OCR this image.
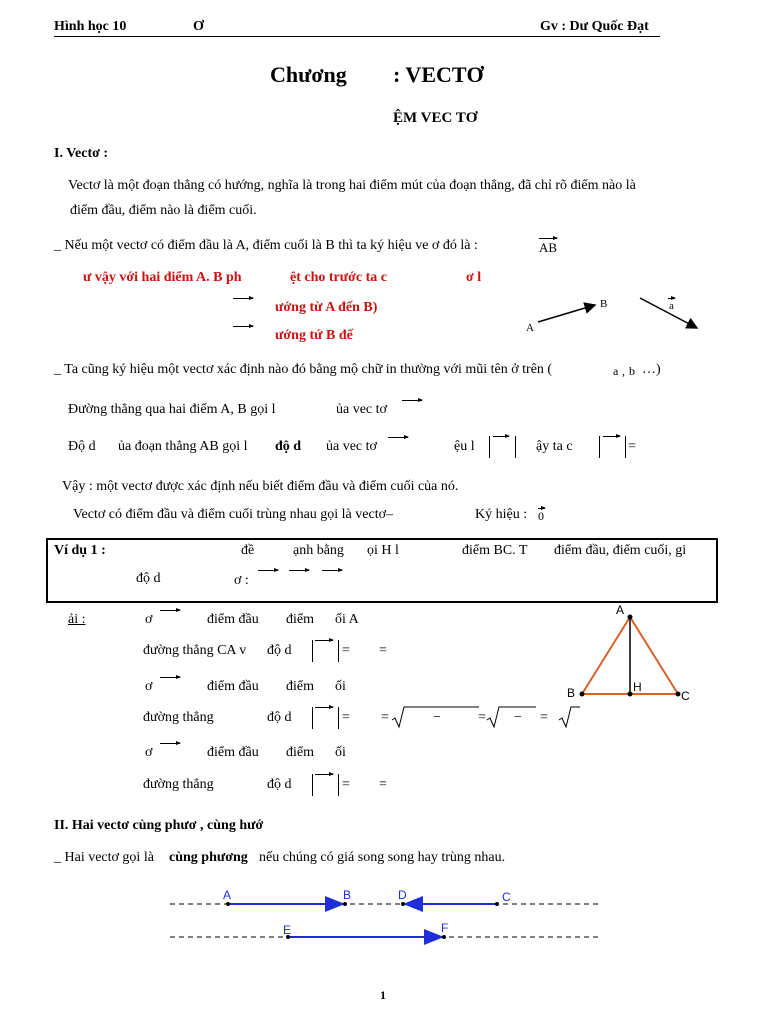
Hình học 10	Ơ	Gv : Dư Quốc Đạt
Chương : VECTƠ
ỆM VEC TƠ
I. Vectơ :
Vectơ là một đoạn thẳng có hướng, nghĩa là trong hai điểm mút của đoạn thẳng, đã chỉ rõ điểm nào là
điểm đầu, điểm nào là điểm cuối.
_ Nếu một vectơ có điểm đầu là A, điểm cuối là B thì ta ký hiệu ve ơ đó là :	AB
ư vậy với hai điểm A. B ph	ệt cho trước ta c	ơ l
ướng từ A đến B)
ướng tứ B đế	A
B	a
_ Ta cũng ký hiệu một vectơ xác định nào đó bằng mộ chữ in thường với mũi tên ở trên (	a , b …)
Đường thẳng qua hai điểm A, B gọi l	ủa vec tơ
Độ d ủa đoạn thẳng AB gọi l độ d ủa vec tơ	ệu l	ậy ta c	=
Vậy : một vectơ được xác định nếu biết điểm đầu và điểm cuối của nó.
Vectơ có điểm đầu và điểm cuối trùng nhau gọi là vectơ–	Ký hiệu : 0
Ví dụ 1 :	đề	ạnh bằng ọi H l	điểm BC. T điểm đầu, điểm cuối, gi
độ d	ơ :
ải :	ơ	điểm đầu điểm ối A
đường thẳng CA v độ d	= =
ơ	điểm đầu điểm ối
đường thẳng	độ d	= =	−	= − =
ơ	điểm đầu điểm ối
đường thẳng	độ d	= =
A
B	C
H
II. Hai vectơ cùng phươ , cùng hướ
_ Hai vectơ gọi là cùng phương nếu chúng có giá song song hay trùng nhau.
A	B	D	C
E	F
1
